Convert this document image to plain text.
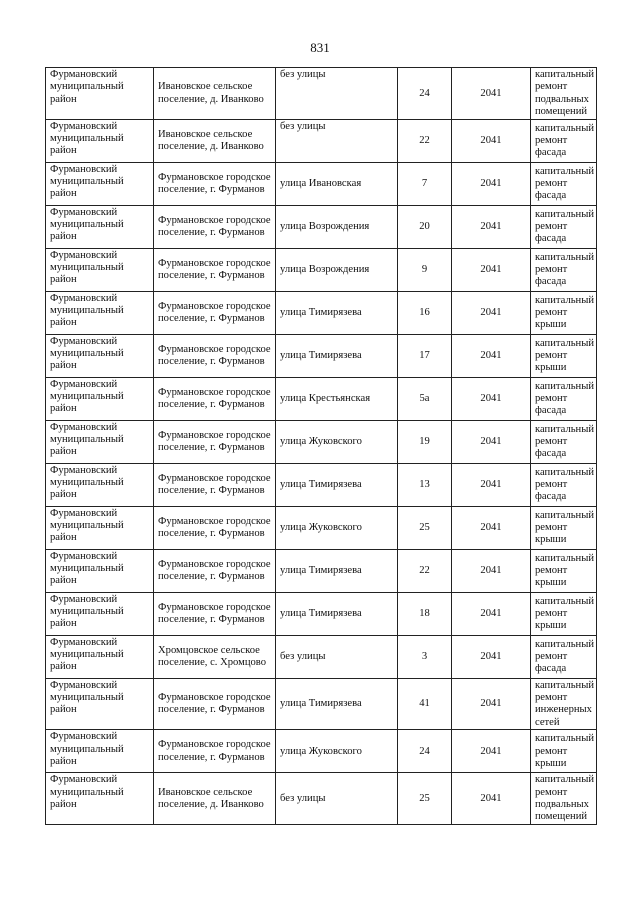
831
Фурмановский муниципальный район	Ивановское сельское поселение, д. Иванково	без улицы	24	2041	капитальный ремонт подвальных помещений
Фурмановский муниципальный район	Ивановское сельское поселение, д. Иванково	без улицы	22	2041	капитальный ремонт фасада
Фурмановский муниципальный район	Фурмановское городское поселение, г. Фурманов	улица Ивановская	7	2041	капитальный ремонт фасада
Фурмановский муниципальный район	Фурмановское городское поселение, г. Фурманов	улица Возрождения	20	2041	капитальный ремонт фасада
Фурмановский муниципальный район	Фурмановское городское поселение, г. Фурманов	улица Возрождения	9	2041	капитальный ремонт фасада
Фурмановский муниципальный район	Фурмановское городское поселение, г. Фурманов	улица Тимирязева	16	2041	капитальный ремонт крыши
Фурмановский муниципальный район	Фурмановское городское поселение, г. Фурманов	улица Тимирязева	17	2041	капитальный ремонт крыши
Фурмановский муниципальный район	Фурмановское городское поселение, г. Фурманов	улица Крестьянская	5а	2041	капитальный ремонт фасада
Фурмановский муниципальный район	Фурмановское городское поселение, г. Фурманов	улица Жуковского	19	2041	капитальный ремонт фасада
Фурмановский муниципальный район	Фурмановское городское поселение, г. Фурманов	улица Тимирязева	13	2041	капитальный ремонт фасада
Фурмановский муниципальный район	Фурмановское городское поселение, г. Фурманов	улица Жуковского	25	2041	капитальный ремонт крыши
Фурмановский муниципальный район	Фурмановское городское поселение, г. Фурманов	улица Тимирязева	22	2041	капитальный ремонт крыши
Фурмановский муниципальный район	Фурмановское городское поселение, г. Фурманов	улица Тимирязева	18	2041	капитальный ремонт крыши
Фурмановский муниципальный район	Хромцовское сельское поселение, с. Хромцово	без улицы	3	2041	капитальный ремонт фасада
Фурмановский муниципальный район	Фурмановское городское поселение, г. Фурманов	улица Тимирязева	41	2041	капитальный ремонт инженерных сетей
Фурмановский муниципальный район	Фурмановское городское поселение, г. Фурманов	улица Жуковского	24	2041	капитальный ремонт крыши
Фурмановский муниципальный район	Ивановское сельское поселение, д. Иванково	без улицы	25	2041	капитальный ремонт подвальных помещений
